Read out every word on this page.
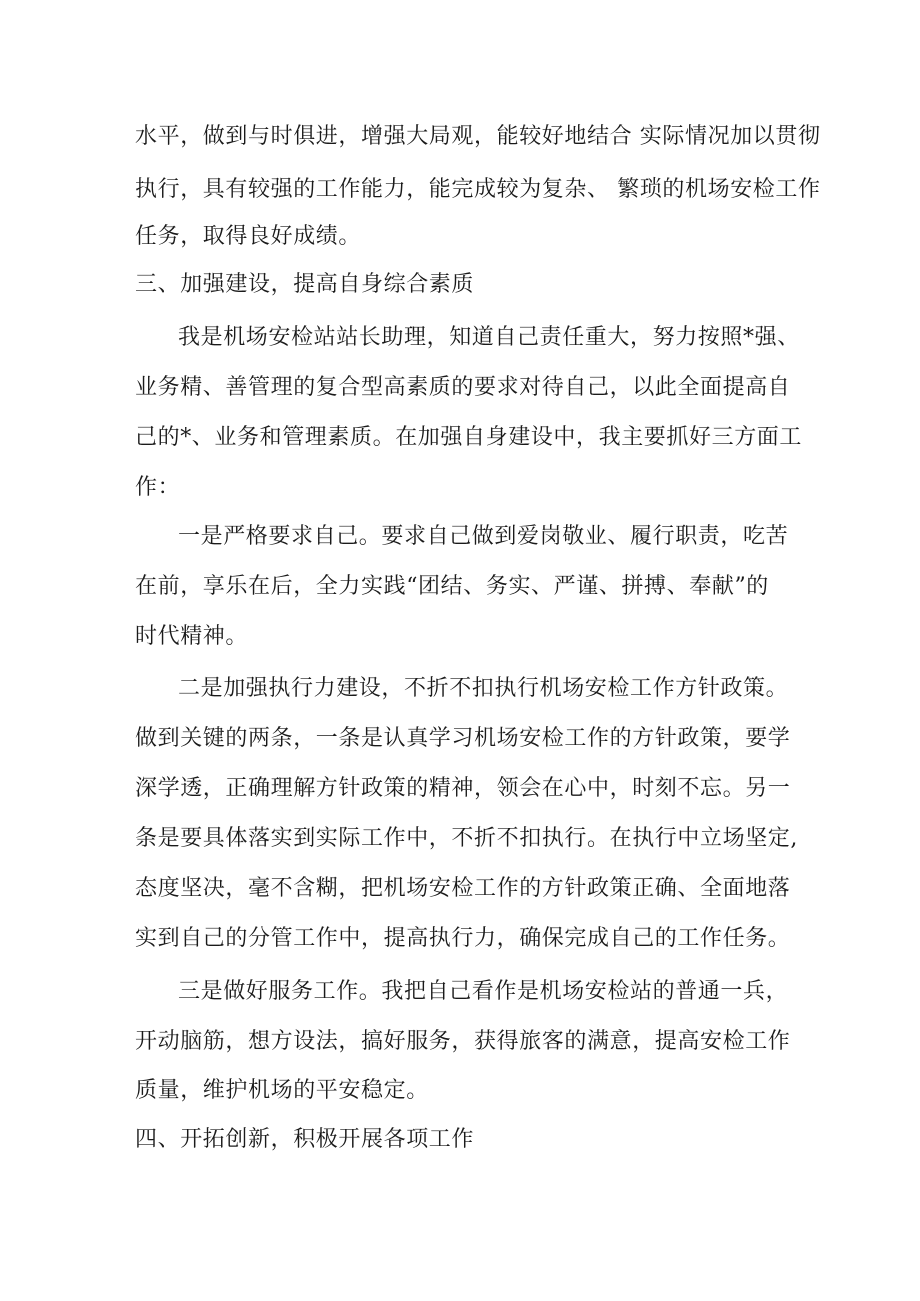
水平，做到与时俱进，增强大局观，能较好地结合 实际情况加以贯彻
执行，具有较强的工作能力，能完成较为复杂、 繁琐的机场安检工作
任务，取得良好成绩。
三、加强建设，提高自身综合素质
我是机场安检站站长助理，知道自己责任重大，努力按照*强、
业务精、善管理的复合型高素质的要求对待自己，以此全面提高自
己的*、业务和管理素质。在加强自身建设中，我主要抓好三方面工
作：
一是严格要求自己。要求自己做到爱岗敬业、履行职责，吃苦
在前，享乐在后，全力实践“团结、务实、严谨、拼搏、奉献”的
时代精神。
二是加强执行力建设，不折不扣执行机场安检工作方针政策。
做到关键的两条，一条是认真学习机场安检工作的方针政策，要学
深学透，正确理解方针政策的精神，领会在心中，时刻不忘。另一
条是要具体落实到实际工作中，不折不扣执行。在执行中立场坚定,
态度坚决，毫不含糊，把机场安检工作的方针政策正确、全面地落
实到自己的分管工作中，提高执行力，确保完成自己的工作任务。
三是做好服务工作。我把自己看作是机场安检站的普通一兵，
开动脑筋，想方设法，搞好服务，获得旅客的满意，提高安检工作
质量，维护机场的平安稳定。
四、开拓创新，积极开展各项工作
